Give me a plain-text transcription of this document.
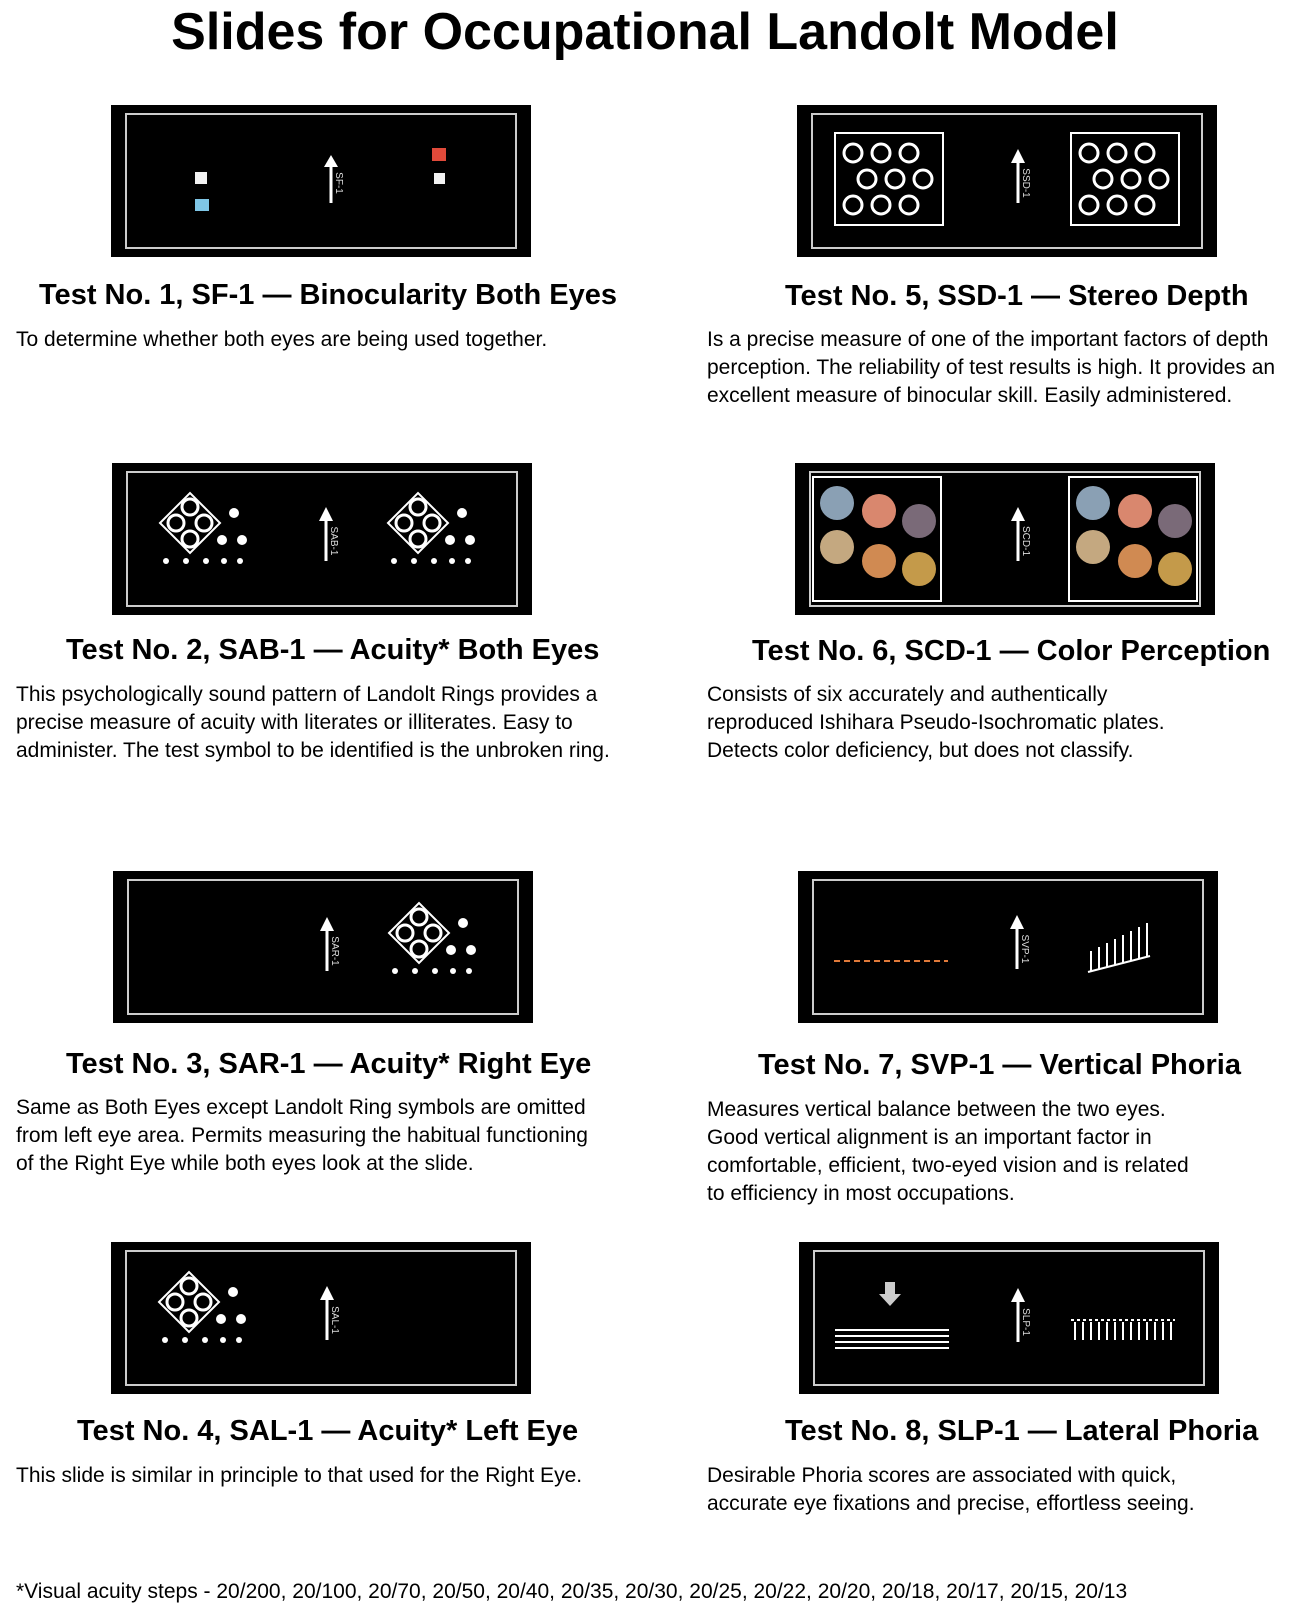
Slides for Occupational Landolt Model
SF-1
Test No. 1, SF-1 — Binocularity Both Eyes
To determine whether both eyes are being used together.
SAB-1
Test No. 2, SAB-1 — Acuity* Both Eyes
This psychologically sound pattern of Landolt Rings provides a
precise measure of acuity with literates or illiterates. Easy to
administer. The test symbol to be identified is the unbroken ring.
SAR-1
Test No. 3, SAR-1 — Acuity* Right Eye
Same as Both Eyes except Landolt Ring symbols are omitted
from left eye area. Permits measuring the habitual functioning
of the Right Eye while both eyes look at the slide.
SAL-1
Test No. 4, SAL-1 — Acuity* Left Eye
This slide is similar in principle to that used for the Right Eye.
SSD-1
Test No. 5, SSD-1 — Stereo Depth
Is a precise measure of one of the important factors of depth
perception. The reliability of test results is high. It provides an
excellent measure of binocular skill. Easily administered.
SCD-1
Test No. 6, SCD-1 — Color Perception
Consists of six accurately and authentically
reproduced Ishihara Pseudo-Isochromatic plates.
Detects color deficiency, but does not classify.
SVP-1
Test No. 7, SVP-1 — Vertical Phoria
Measures vertical balance between the two eyes.
Good vertical alignment is an important factor in
comfortable, efficient, two-eyed vision and is related
to efficiency in most occupations.
SLP-1
Test No. 8, SLP-1 — Lateral Phoria
Desirable Phoria scores are associated with quick,
accurate eye fixations and precise, effortless seeing.
*Visual acuity steps - 20/200, 20/100, 20/70, 20/50, 20/40, 20/35, 20/30, 20/25, 20/22, 20/20, 20/18, 20/17, 20/15, 20/13
